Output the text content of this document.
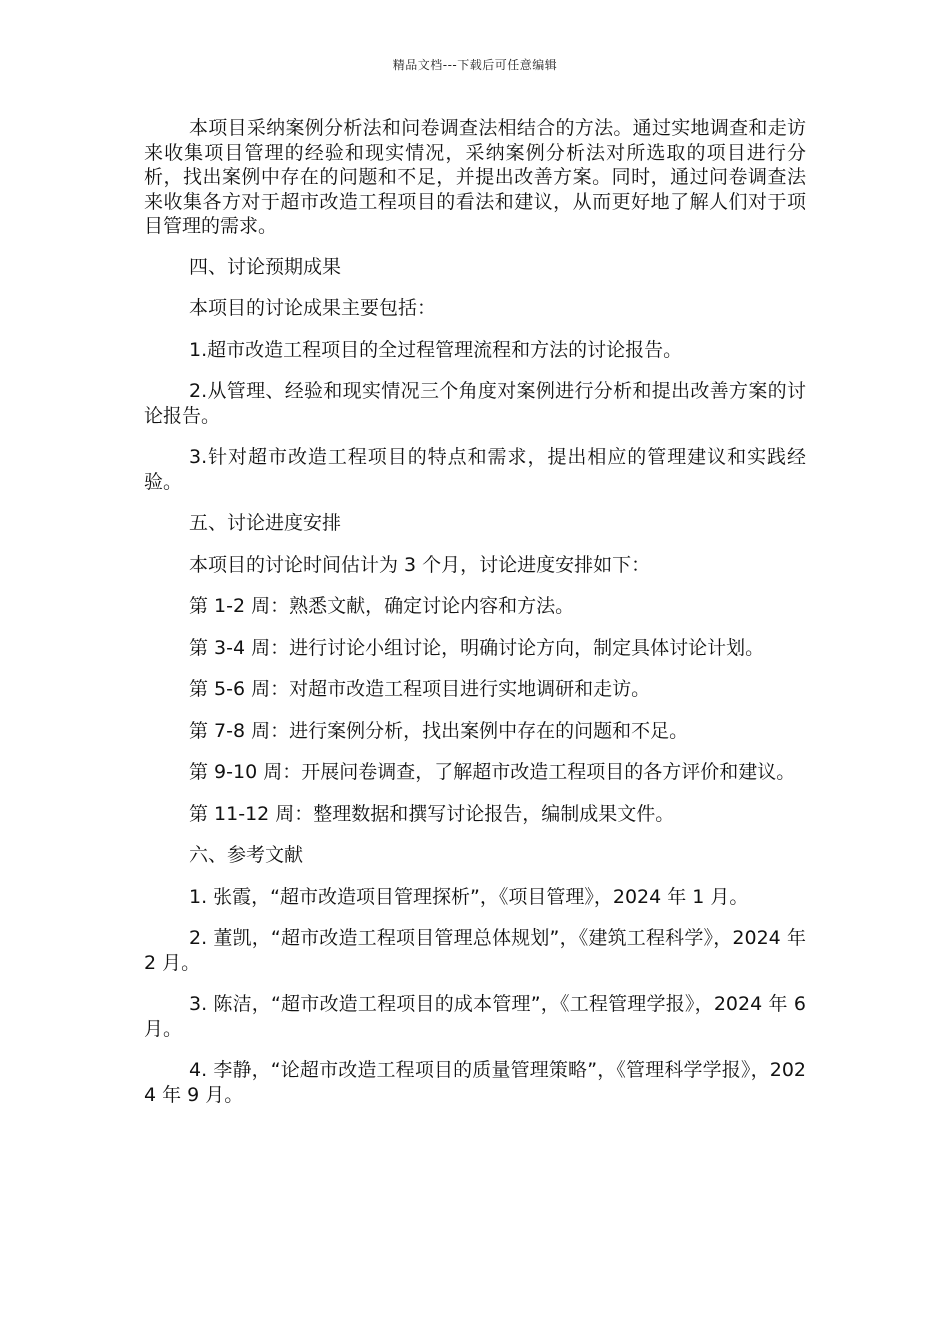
精品文档---下载后可任意编辑

本项目采纳案例分析法和问卷调查法相结合的方法。通过实地调查和走访来收集项目管理的经验和现实情况，采纳案例分析法对所选取的项目进行分析，找出案例中存在的问题和不足，并提出改善方案。同时，通过问卷调查法来收集各方对于超市改造工程项目的看法和建议，从而更好地了解人们对于项目管理的需求。

四、讨论预期成果

本项目的讨论成果主要包括：

1.超市改造工程项目的全过程管理流程和方法的讨论报告。

2.从管理、经验和现实情况三个角度对案例进行分析和提出改善方案的讨论报告。

3.针对超市改造工程项目的特点和需求，提出相应的管理建议和实践经验。

五、讨论进度安排

本项目的讨论时间估计为 3 个月，讨论进度安排如下：

第 1-2 周：熟悉文献，确定讨论内容和方法。

第 3-4 周：进行讨论小组讨论，明确讨论方向，制定具体讨论计划。

第 5-6 周：对超市改造工程项目进行实地调研和走访。

第 7-8 周：进行案例分析，找出案例中存在的问题和不足。

第 9-10 周：开展问卷调查，了解超市改造工程项目的各方评价和建议。

第 11-12 周：整理数据和撰写讨论报告，编制成果文件。

六、参考文献

1. 张霞，“超市改造项目管理探析”，《项目管理》，2024 年 1 月。

2. 董凯，“超市改造工程项目管理总体规划”，《建筑工程科学》，2024 年 2 月。

3. 陈洁，“超市改造工程项目的成本管理”，《工程管理学报》，2024 年 6 月。

4. 李静，“论超市改造工程项目的质量管理策略”，《管理科学学报》，2024 年 9 月。
